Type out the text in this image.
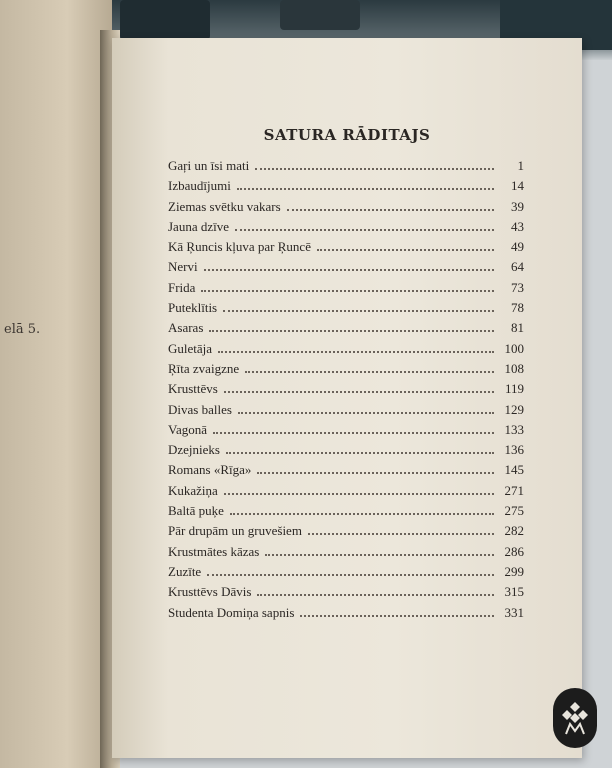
elā 5.
SATURA RĀDITAJS
Gaŗi un īsi mati	1
Izbaudījumi	14
Ziemas svētku vakars	39
Jauna dzīve	43
Kā Ŗuncis kļuva par Ŗuncē	49
Nervi	64
Frida	73
Puteklītis	78
Asaras	81
Guletāja	100
Ŗīta zvaigzne	108
Krusttēvs	119
Divas balles	129
Vagonā	133
Dzejnieks	136
Romans «Rīga»	145
Kukažiņa	271
Baltā puķe	275
Pār drupām un gruvešiem	282
Krustmātes kāzas	286
Zuzīte	299
Krusttēvs Dāvis	315
Studenta Domiņa sapnis	331
